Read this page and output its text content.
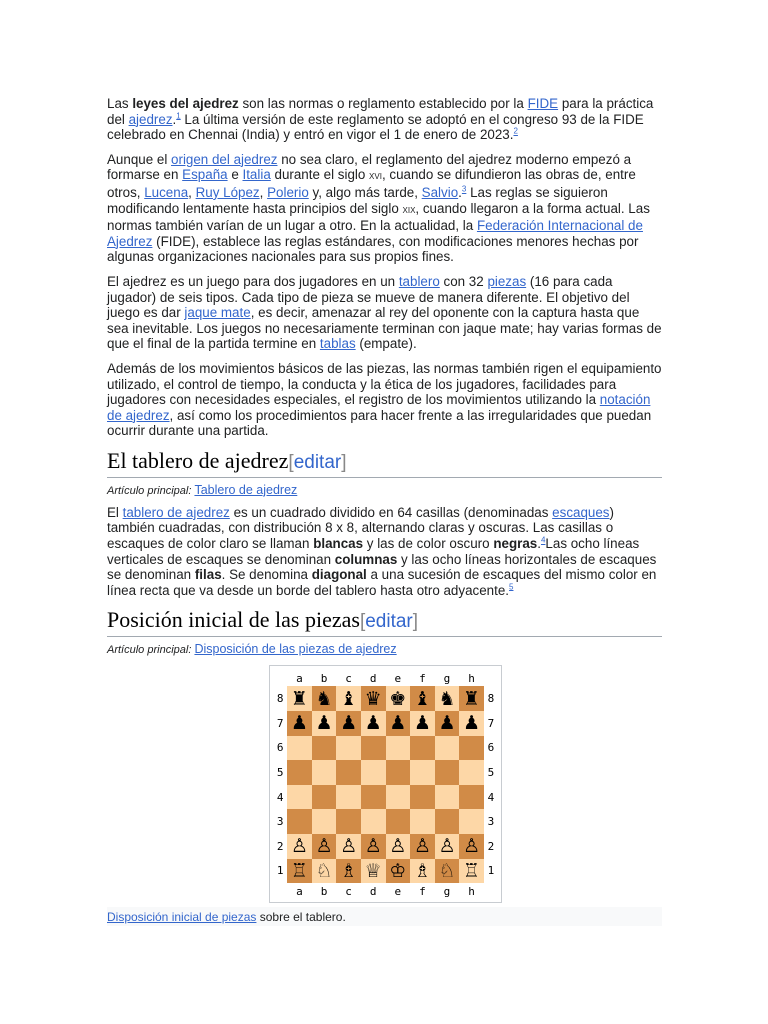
Las leyes del ajedrez son las normas o reglamento establecido por la FIDE para la práctica del ajedrez.$^1$ La última versión de este reglamento se adoptó en el congreso 93 de la FIDE celebrado en Chennai (India) y entró en vigor el 1 de enero de 2023.$^2$

Aunque el origen del ajedrez no sea claro, el reglamento del ajedrez moderno empezó a formarse en España e Italia durante el siglo xvi, cuando se difundieron las obras de, entre otros, Lucena, Ruy López, Polerio y, algo más tarde, Salvio.$^3$ Las reglas se siguieron modificando lentamente hasta principios del siglo xix, cuando llegaron a la forma actual. Las normas también varían de un lugar a otro. En la actualidad, la Federación Internacional de Ajedrez (FIDE), establece las reglas estándares, con modificaciones menores hechas por algunas organizaciones nacionales para sus propios fines.

El ajedrez es un juego para dos jugadores en un tablero con 32 piezas (16 para cada jugador) de seis tipos. Cada tipo de pieza se mueve de manera diferente. El objetivo del juego es dar jaque mate, es decir, amenazar al rey del oponente con la captura hasta que sea inevitable. Los juegos no necesariamente terminan con jaque mate; hay varias formas de que el final de la partida termine en tablas (empate).

Además de los movimientos básicos de las piezas, las normas también rigen el equipamiento utilizado, el control de tiempo, la conducta y la ética de los jugadores, facilidades para jugadores con necesidades especiales, el registro de los movimientos utilizando la notación de ajedrez, así como los procedimientos para hacer frente a las irregularidades que puedan ocurrir durante una partida.

El tablero de ajedrez[editar]
Artículo principal: Tablero de ajedrez

El tablero de ajedrez es un cuadrado dividido en 64 casillas (denominadas escaques) también cuadradas, con distribución 8 x 8, alternando claras y oscuras. Las casillas o escaques de color claro se llaman blancas y las de color oscuro negras.$^4$Las ocho líneas verticales de escaques se denominan columnas y las ocho líneas horizontales de escaques se denominan filas. Se denomina diagonal a una sucesión de escaques del mismo color en línea recta que va desde un borde del tablero hasta otro adyacente.$^5$

Posición inicial de las piezas[editar]
Artículo principal: Disposición de las piezas de ajedrez
	a	b	c	d	e	f	g	h	
8	♜	♞	♝	♛	♚	♝	♞	♜	8
7	♟	♟	♟	♟	♟	♟	♟	♟	7
6									6
5									5
4									4
3									3
2	♙	♙	♙	♙	♙	♙	♙	♙	2
1	♖	♘	♗	♕	♔	♗	♘	♖	1
	a	b	c	d	e	f	g	h	
Disposición inicial de piezas sobre el tablero.
